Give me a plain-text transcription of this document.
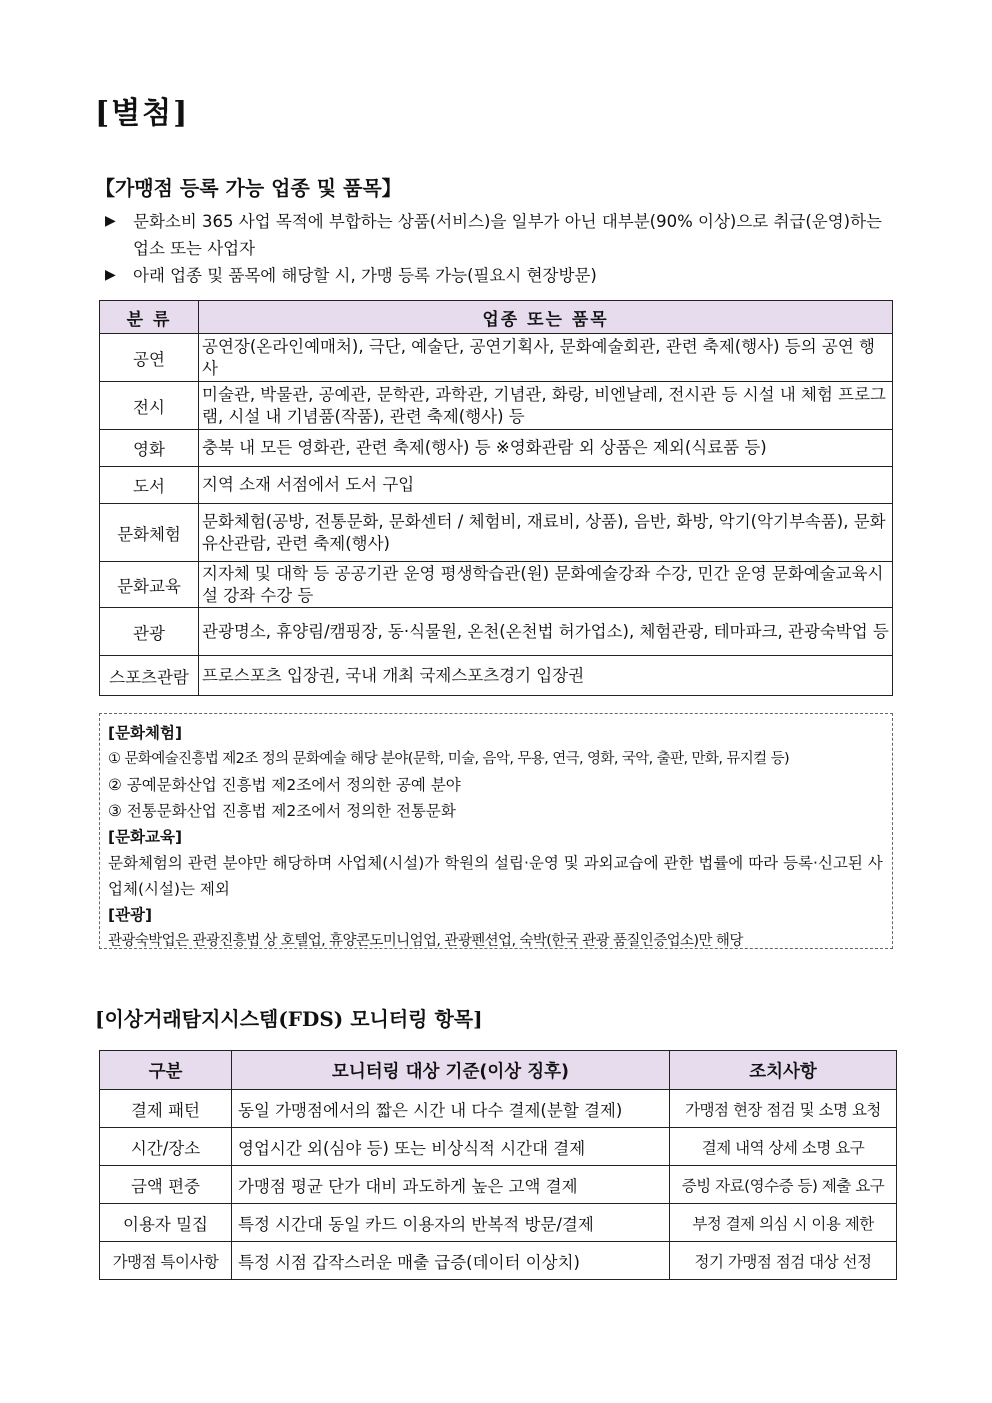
[별첨]
【가맹점 등록 가능 업종 및 품목】
▶	문화소비 365 사업 목적에 부합하는 상품(서비스)을 일부가 아닌 대부분(90% 이상)으로 취급(운영)하는 업소 또는 사업자
▶	아래 업종 및 품목에 해당할 시, 가맹 등록 가능(필요시 현장방문)
분 류	업종 또는 품목
공연	공연장(온라인예매처), 극단, 예술단, 공연기획사, 문화예술회관, 관련 축제(행사) 등의 공연 행사
전시	미술관, 박물관, 공예관, 문학관, 과학관, 기념관, 화랑, 비엔날레, 전시관 등 시설 내 체험 프로그램, 시설 내 기념품(작품), 관련 축제(행사) 등
영화	충북 내 모든 영화관, 관련 축제(행사) 등 ※영화관람 외 상품은 제외(식료품 등)
도서	지역 소재 서점에서 도서 구입
문화체험	문화체험(공방, 전통문화, 문화센터 / 체험비, 재료비, 상품), 음반, 화방, 악기(악기부속품), 문화유산관람, 관련 축제(행사)
문화교육	지자체 및 대학 등 공공기관 운영 평생학습관(원) 문화예술강좌 수강, 민간 운영 문화예술교육시설 강좌 수강 등
관광	관광명소, 휴양림/캠핑장, 동·식물원, 온천(온천법 허가업소), 체험관광, 테마파크, 관광숙박업 등
스포츠관람	프로스포츠 입장권, 국내 개최 국제스포츠경기 입장권
[문화체험]
① 문화예술진흥법 제2조 정의 문화예술 해당 분야(문학, 미술, 음악, 무용, 연극, 영화, 국악, 출판, 만화, 뮤지컬 등)
② 공예문화산업 진흥법 제2조에서 정의한 공예 분야
③ 전통문화산업 진흥법 제2조에서 정의한 전통문화
[문화교육]
문화체험의 관련 분야만 해당하며 사업체(시설)가 학원의 설립·운영 및 과외교습에 관한 법률에 따라 등록·신고된 사업체(시설)는 제외
[관광]
관광숙박업은 관광진흥법 상 호텔업, 휴양콘도미니엄업, 관광펜션업, 숙박(한국 관광 품질인증업소)만 해당
[이상거래탐지시스템(FDS) 모니터링 항목]
구분	모니터링 대상 기준(이상 징후)	조치사항
결제 패턴	동일 가맹점에서의 짧은 시간 내 다수 결제(분할 결제)	가맹점 현장 점검 및 소명 요청
시간/장소	영업시간 외(심야 등) 또는 비상식적 시간대 결제	결제 내역 상세 소명 요구
금액 편중	가맹점 평균 단가 대비 과도하게 높은 고액 결제	증빙 자료(영수증 등) 제출 요구
이용자 밀집	특정 시간대 동일 카드 이용자의 반복적 방문/결제	부정 결제 의심 시 이용 제한
가맹점 특이사항	특정 시점 갑작스러운 매출 급증(데이터 이상치)	정기 가맹점 점검 대상 선정
